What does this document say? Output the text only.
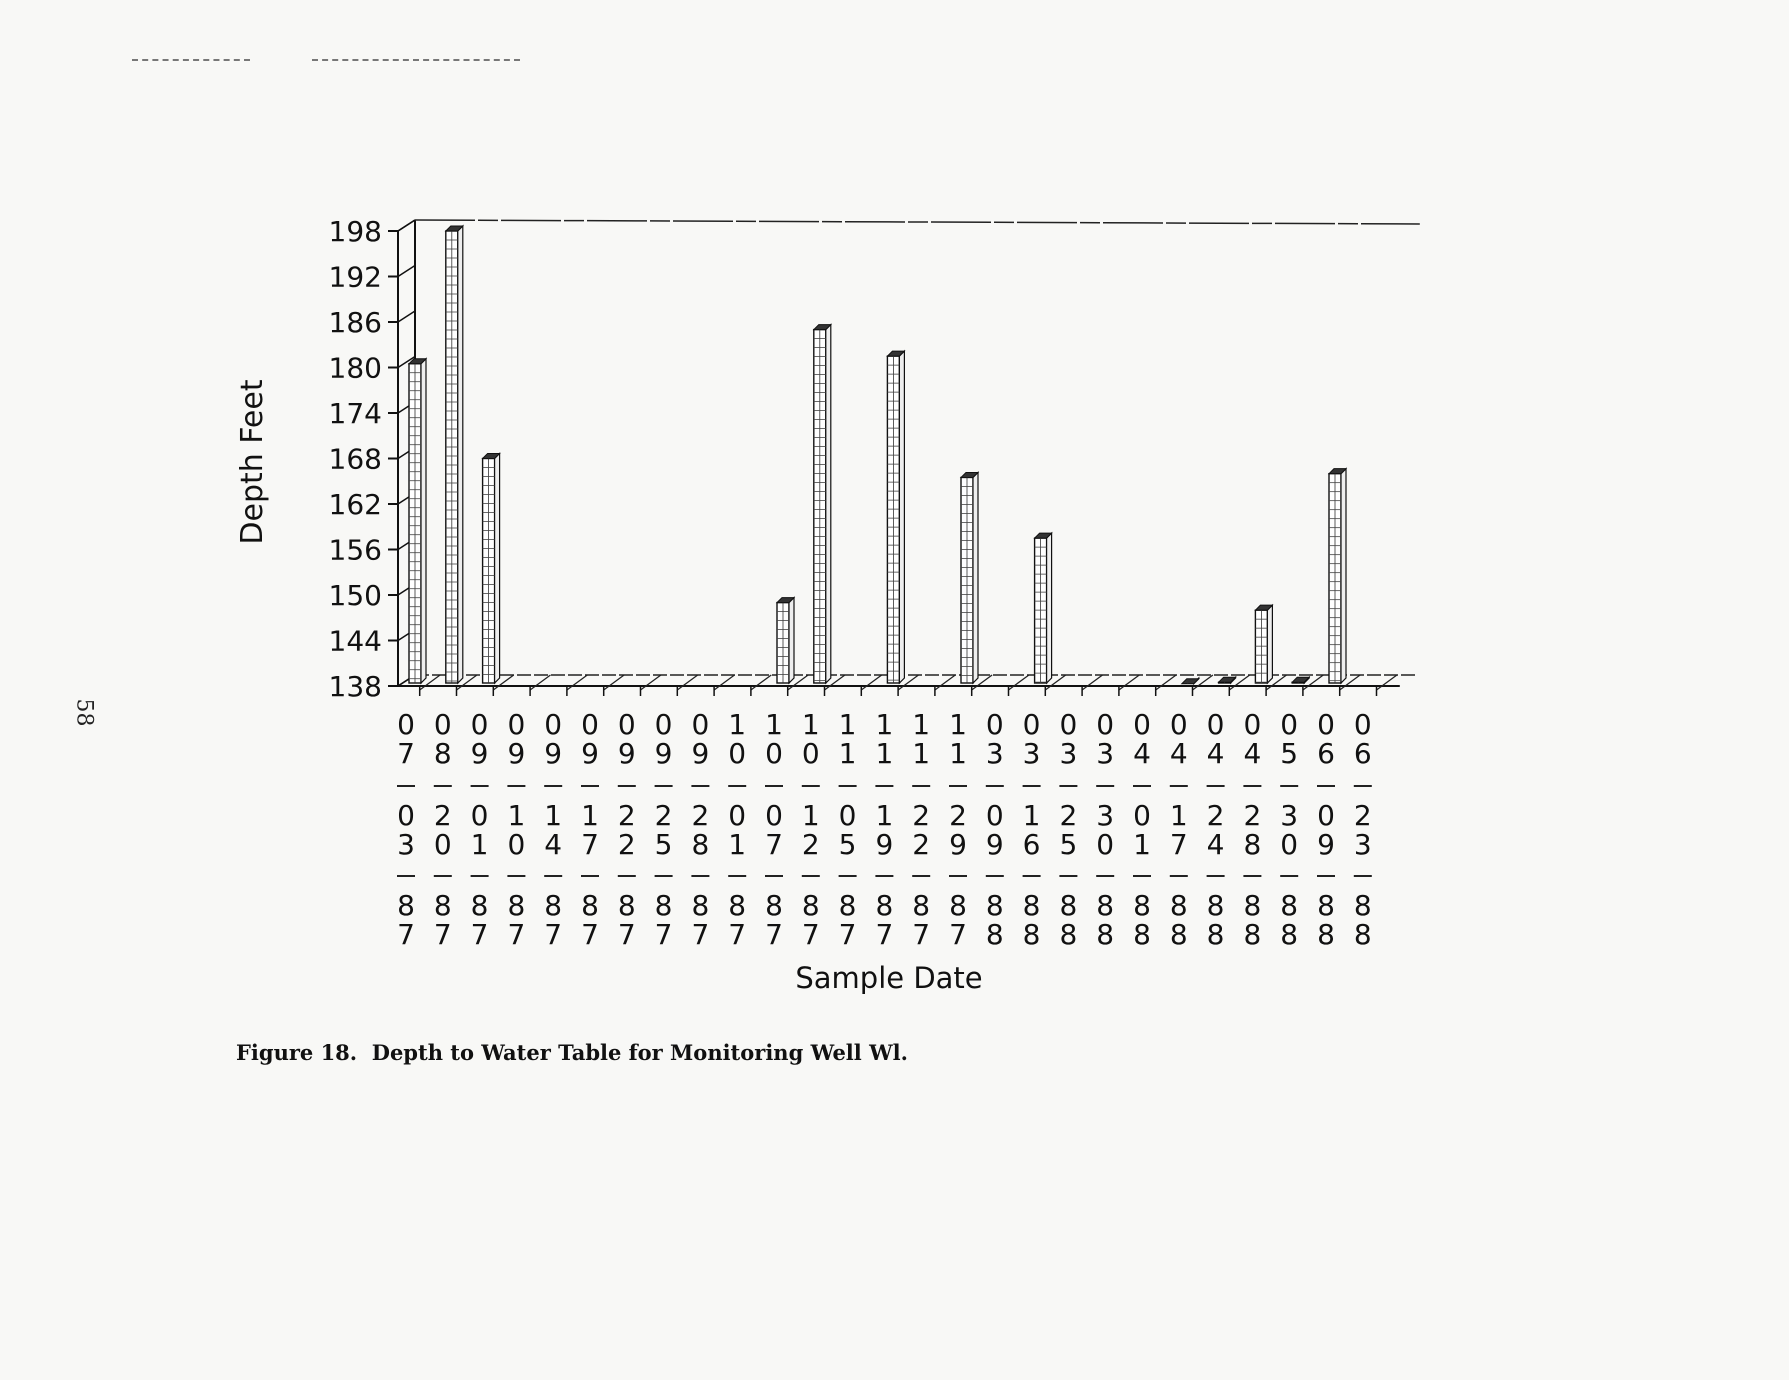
58
138
144
150
156
162
168
174
180
186
192
198
0
7
0
3
8
7
0
8
2
0
8
7
0
9
0
1
8
7
0
9
1
0
8
7
0
9
1
4
8
7
0
9
1
7
8
7
0
9
2
2
8
7
0
9
2
5
8
7
0
9
2
8
8
7
1
0
0
1
8
7
1
0
0
7
8
7
1
0
1
2
8
7
1
1
0
5
8
7
1
1
1
9
8
7
1
1
2
2
8
7
1
1
2
9
8
7
0
3
0
9
8
8
0
3
1
6
8
8
0
3
2
5
8
8
0
3
3
0
8
8
0
4
0
1
8
8
0
4
1
7
8
8
0
4
2
4
8
8
0
4
2
8
8
8
0
5
3
0
8
8
0
6
0
9
8
8
0
6
2
3
8
8
Depth Feet
Sample Date
Figure 18. Depth to Water Table for Monitoring Well Wl.
